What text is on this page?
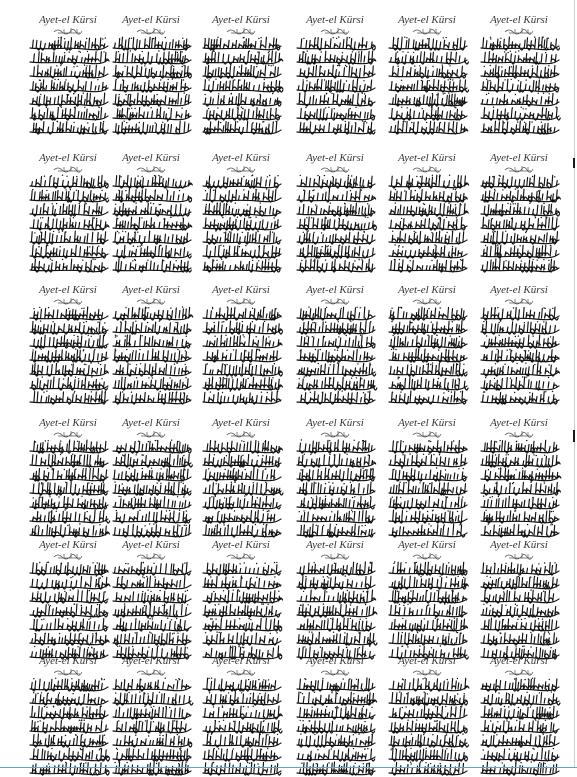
Ayet-el Kürsi	Ayet-el Kürsi	Ayet-el Kürsi	Ayet-el Kürsi	Ayet-el Kürsi	Ayet-el Kürsi
Ayet-el Kürsi	Ayet-el Kürsi	Ayet-el Kürsi	Ayet-el Kürsi	Ayet-el Kürsi	Ayet-el Kürsi
Ayet-el Kürsi	Ayet-el Kürsi	Ayet-el Kürsi	Ayet-el Kürsi	Ayet-el Kürsi	Ayet-el Kürsi
Ayet-el Kürsi	Ayet-el Kürsi	Ayet-el Kürsi	Ayet-el Kürsi	Ayet-el Kürsi	Ayet-el Kürsi
Ayet-el Kürsi	Ayet-el Kürsi	Ayet-el Kürsi	Ayet-el Kürsi	Ayet-el Kürsi	Ayet-el Kürsi
Ayet-el Kürsi	Ayet-el Kürsi	Ayet-el Kürsi	Ayet-el Kürsi	Ayet-el Kürsi	Ayet-el Kürsi
